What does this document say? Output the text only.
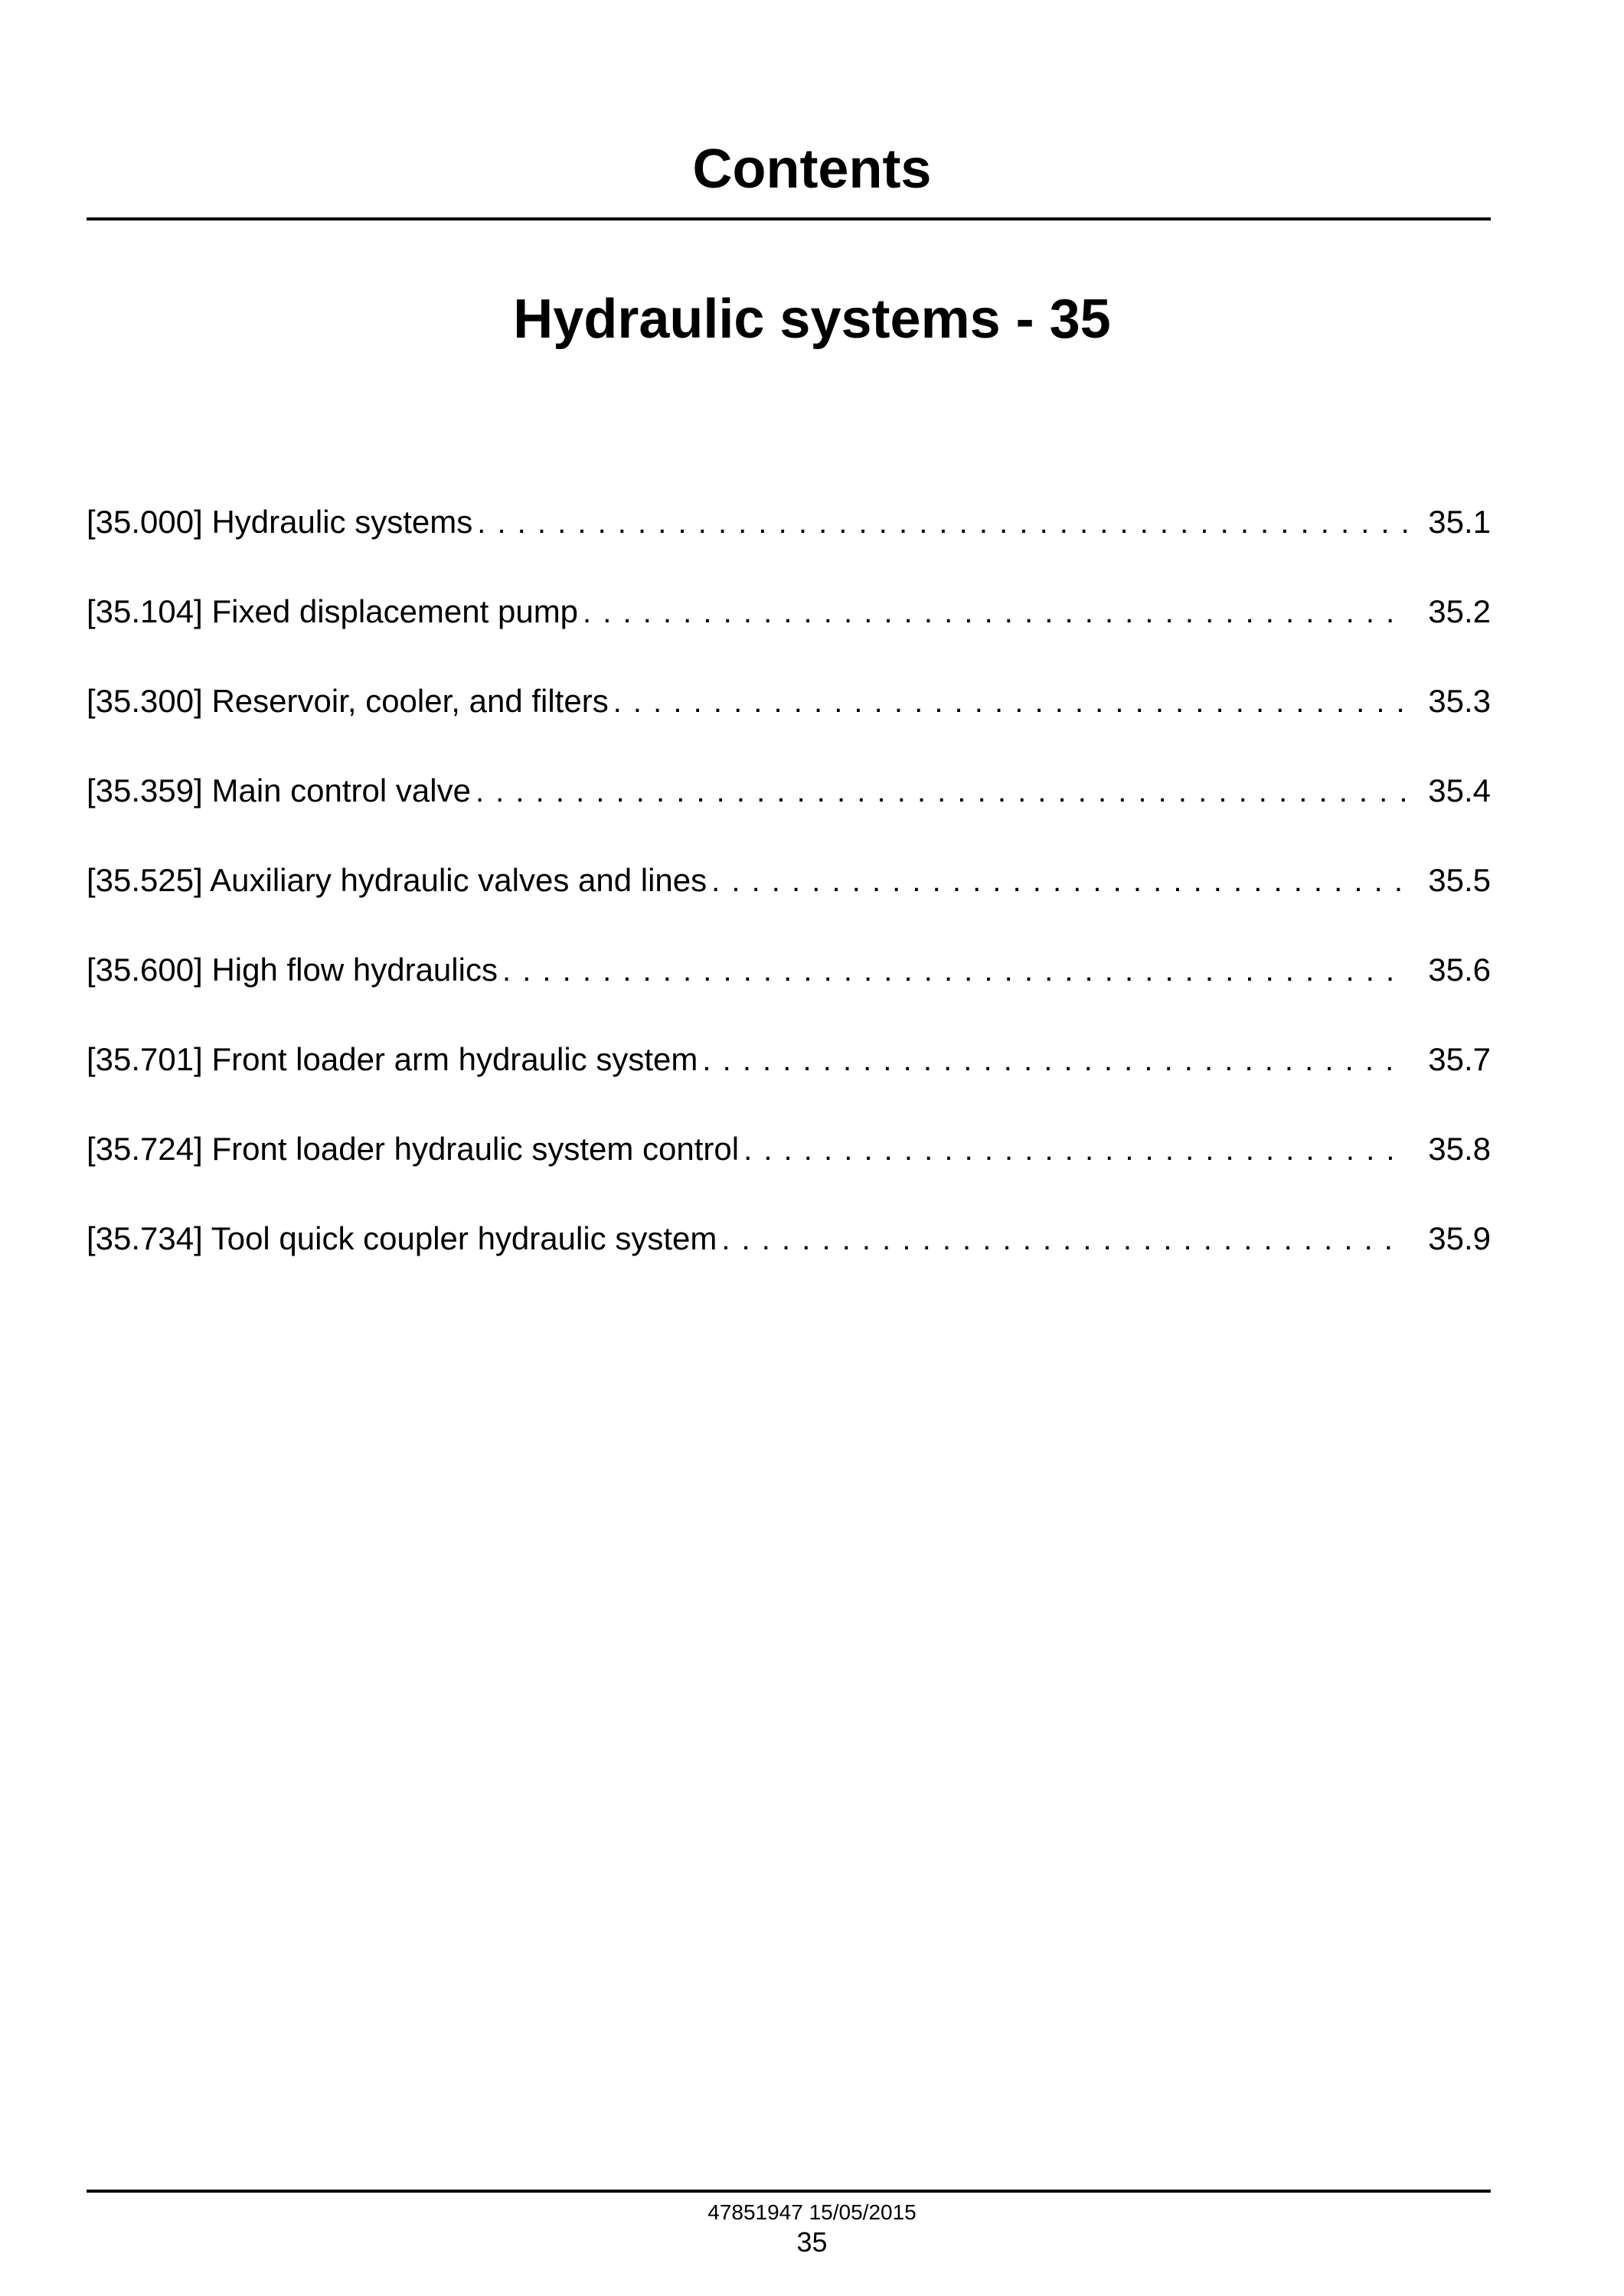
Contents
Hydraulic systems - 35
[35.000] Hydraulic systems . . .	35.1
[35.104] Fixed displacement pump . . .	35.2
[35.300] Reservoir, cooler, and filters . . .	35.3
[35.359] Main control valve . . .	35.4
[35.525] Auxiliary hydraulic valves and lines . . .	35.5
[35.600] High flow hydraulics . . .	35.6
[35.701] Front loader arm hydraulic system . . .	35.7
[35.724] Front loader hydraulic system control . . .	35.8
[35.734] Tool quick coupler hydraulic system . . .	35.9
47851947 15/05/2015
35
